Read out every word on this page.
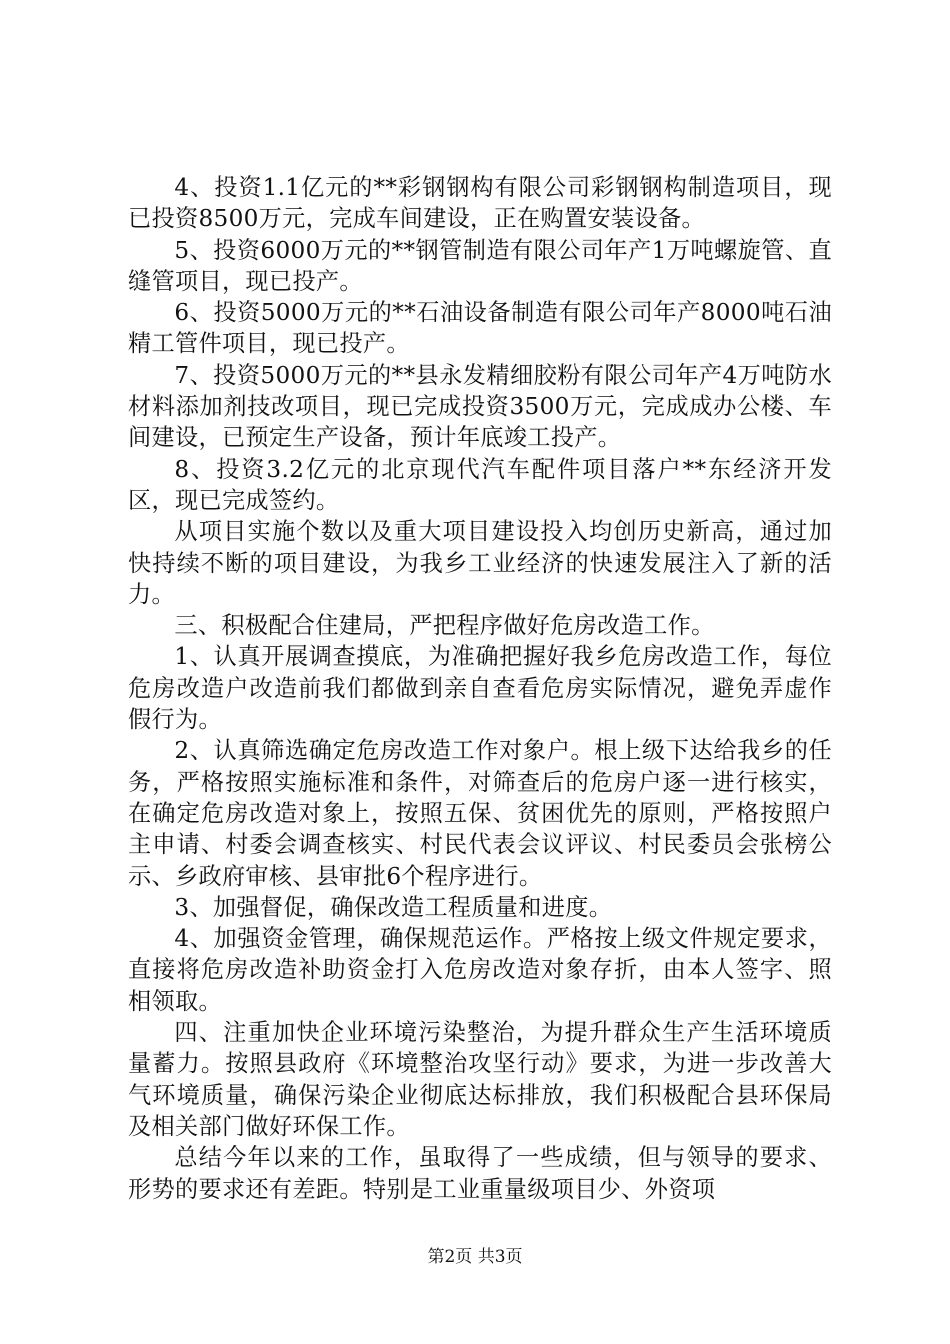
4、投资1.1亿元的**彩钢钢构有限公司彩钢钢构制造项目，现已投资8500万元，完成车间建设，正在购置安装设备。

5、投资6000万元的**钢管制造有限公司年产1万吨螺旋管、直缝管项目，现已投产。

6、投资5000万元的**石油设备制造有限公司年产8000吨石油精工管件项目，现已投产。

7、投资5000万元的**县永发精细胶粉有限公司年产4万吨防水材料添加剂技改项目，现已完成投资3500万元，完成成办公楼、车间建设，已预定生产设备，预计年底竣工投产。

8、投资3.2亿元的北京现代汽车配件项目落户**东经济开发区，现已完成签约。

从项目实施个数以及重大项目建设投入均创历史新高，通过加快持续不断的项目建设，为我乡工业经济的快速发展注入了新的活力。

三、积极配合住建局，严把程序做好危房改造工作。

1、认真开展调查摸底，为准确把握好我乡危房改造工作，每位危房改造户改造前我们都做到亲自查看危房实际情况，避免弄虚作假行为。

2、认真筛选确定危房改造工作对象户。根上级下达给我乡的任务，严格按照实施标准和条件，对筛查后的危房户逐一进行核实，在确定危房改造对象上，按照五保、贫困优先的原则，严格按照户主申请、村委会调查核实、村民代表会议评议、村民委员会张榜公示、乡政府审核、县审批6个程序进行。

3、加强督促，确保改造工程质量和进度。

4、加强资金管理，确保规范运作。严格按上级文件规定要求，直接将危房改造补助资金打入危房改造对象存折，由本人签字、照相领取。

四、注重加快企业环境污染整治，为提升群众生产生活环境质量蓄力。按照县政府《环境整治攻坚行动》要求，为进一步改善大气环境质量，确保污染企业彻底达标排放，我们积极配合县环保局及相关部门做好环保工作。

总结今年以来的工作，虽取得了一些成绩，但与领导的要求、形势的要求还有差距。特别是工业重量级项目少、外资项

第2页 共3页
